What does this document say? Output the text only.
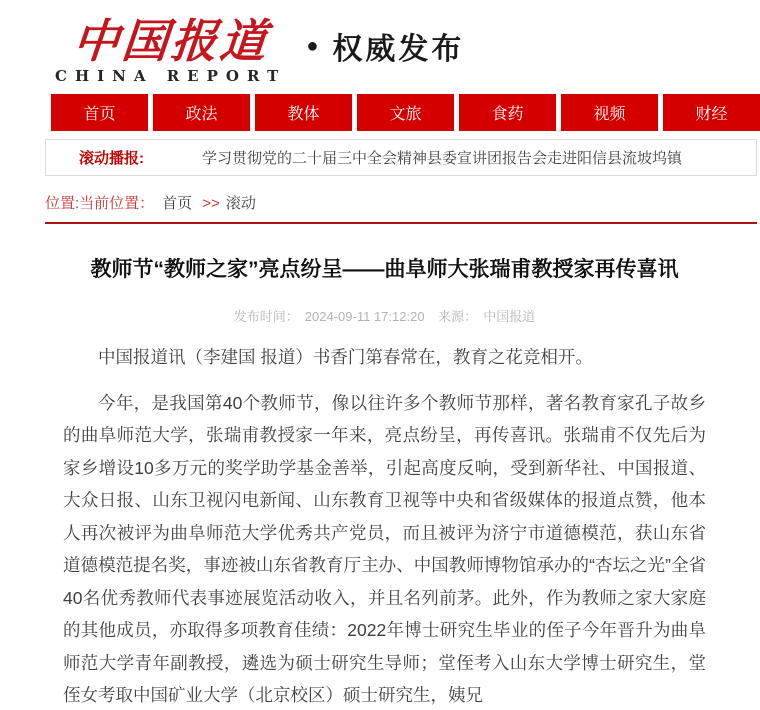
中国报道
CHINA REPORT
● 权威发布
首页	政法	教体	文旅	食药	视频	财经
滚动播报:	学习贯彻党的二十届三中全会精神县委宣讲团报告会走进阳信县流坡坞镇
位置:当前位置： 首页 >> 滚动
教师节“教师之家”亮点纷呈——曲阜师大张瑞甫教授家再传喜讯
发布时间： 2024-09-11 17:12:20 来源： 中国报道

中国报道讯（李建国 报道）书香门第春常在，教育之花竞相开。

今年，是我国第40个教师节，像以往许多个教师节那样，著名教育家孔子故乡的曲阜师范大学，张瑞甫教授家一年来，亮点纷呈，再传喜讯。张瑞甫不仅先后为家乡增设10多万元的奖学助学基金善举，引起高度反响，受到新华社、中国报道、大众日报、山东卫视闪电新闻、山东教育卫视等中央和省级媒体的报道点赞，他本人再次被评为曲阜师范大学优秀共产党员，而且被评为济宁市道德模范，获山东省道德模范提名奖，事迹被山东省教育厅主办、中国教师博物馆承办的“杏坛之光”全省40名优秀教师代表事迹展览活动收入，并且名列前茅。此外，作为教师之家大家庭的其他成员，亦取得多项教育佳绩：2022年博士研究生毕业的侄子今年晋升为曲阜师范大学青年副教授，遴选为硕士研究生导师；堂侄考入山东大学博士研究生，堂侄女考取中国矿业大学（北京校区）硕士研究生，姨兄
